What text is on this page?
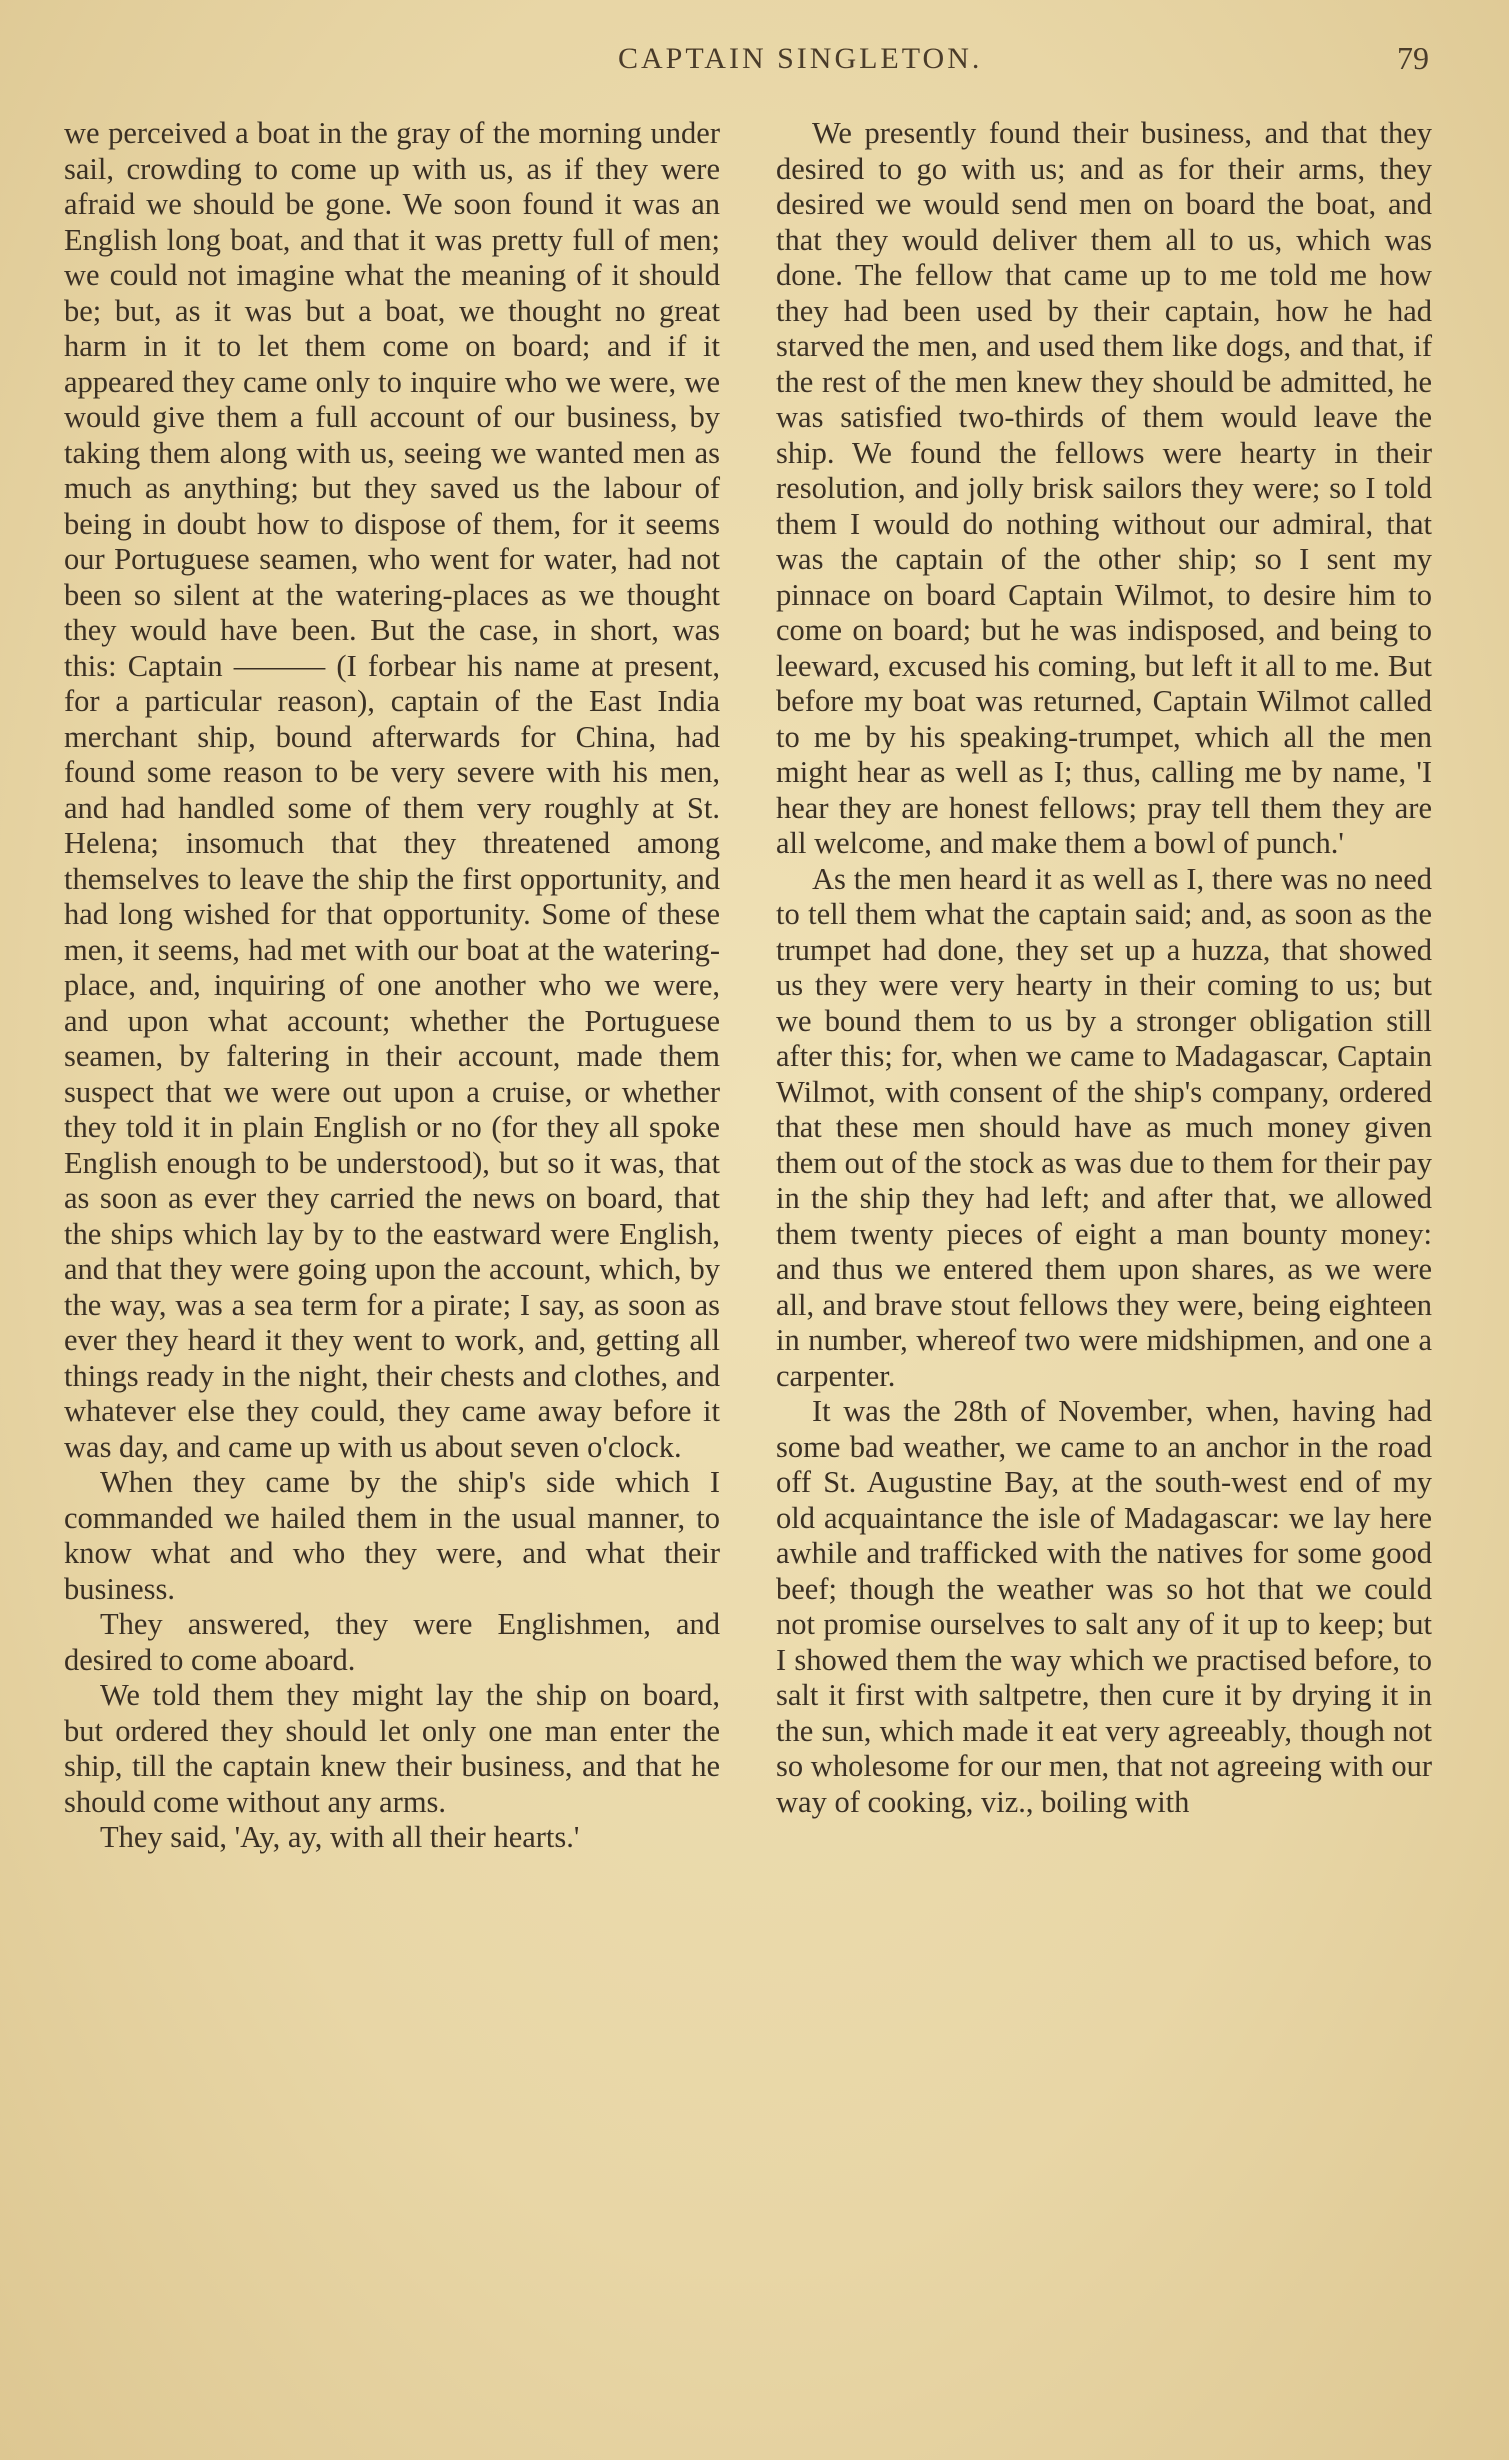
CAPTAIN SINGLETON.	79

we perceived a boat in the gray of the morning under sail, crowding to come up with us, as if they were afraid we should be gone. We soon found it was an English long boat, and that it was pretty full of men; we could not imagine what the meaning of it should be; but, as it was but a boat, we thought no great harm in it to let them come on board; and if it appeared they came only to inquire who we were, we would give them a full account of our business, by taking them along with us, seeing we wanted men as much as anything; but they saved us the labour of being in doubt how to dispose of them, for it seems our Portuguese seamen, who went for water, had not been so silent at the watering-places as we thought they would have been. But the case, in short, was this: Captain ——— (I forbear his name at present, for a particular reason), captain of the East India merchant ship, bound afterwards for China, had found some reason to be very severe with his men, and had handled some of them very roughly at St. Helena; insomuch that they threatened among themselves to leave the ship the first opportunity, and had long wished for that opportunity. Some of these men, it seems, had met with our boat at the watering-place, and, inquiring of one another who we were, and upon what account; whether the Portuguese seamen, by faltering in their account, made them suspect that we were out upon a cruise, or whether they told it in plain English or no (for they all spoke English enough to be understood), but so it was, that as soon as ever they carried the news on board, that the ships which lay by to the eastward were English, and that they were going upon the account, which, by the way, was a sea term for a pirate; I say, as soon as ever they heard it they went to work, and, getting all things ready in the night, their chests and clothes, and whatever else they could, they came away before it was day, and came up with us about seven o'clock.

When they came by the ship's side which I commanded we hailed them in the usual manner, to know what and who they were, and what their business.

They answered, they were Englishmen, and desired to come aboard.

We told them they might lay the ship on board, but ordered they should let only one man enter the ship, till the captain knew their business, and that he should come without any arms.

They said, 'Ay, ay, with all their hearts.'

We presently found their business, and that they desired to go with us; and as for their arms, they desired we would send men on board the boat, and that they would deliver them all to us, which was done. The fellow that came up to me told me how they had been used by their captain, how he had starved the men, and used them like dogs, and that, if the rest of the men knew they should be admitted, he was satisfied two-thirds of them would leave the ship. We found the fellows were hearty in their resolution, and jolly brisk sailors they were; so I told them I would do nothing without our admiral, that was the captain of the other ship; so I sent my pinnace on board Captain Wilmot, to desire him to come on board; but he was indisposed, and being to leeward, excused his coming, but left it all to me. But before my boat was returned, Captain Wilmot called to me by his speaking-trumpet, which all the men might hear as well as I; thus, calling me by name, 'I hear they are honest fellows; pray tell them they are all welcome, and make them a bowl of punch.'

As the men heard it as well as I, there was no need to tell them what the captain said; and, as soon as the trumpet had done, they set up a huzza, that showed us they were very hearty in their coming to us; but we bound them to us by a stronger obligation still after this; for, when we came to Madagascar, Captain Wilmot, with consent of the ship's company, ordered that these men should have as much money given them out of the stock as was due to them for their pay in the ship they had left; and after that, we allowed them twenty pieces of eight a man bounty money: and thus we entered them upon shares, as we were all, and brave stout fellows they were, being eighteen in number, whereof two were midshipmen, and one a carpenter.

It was the 28th of November, when, having had some bad weather, we came to an anchor in the road off St. Augustine Bay, at the south-west end of my old acquaintance the isle of Madagascar: we lay here awhile and trafficked with the natives for some good beef; though the weather was so hot that we could not promise ourselves to salt any of it up to keep; but I showed them the way which we practised before, to salt it first with saltpetre, then cure it by drying it in the sun, which made it eat very agreeably, though not so wholesome for our men, that not agreeing with our way of cooking, viz., boiling with
